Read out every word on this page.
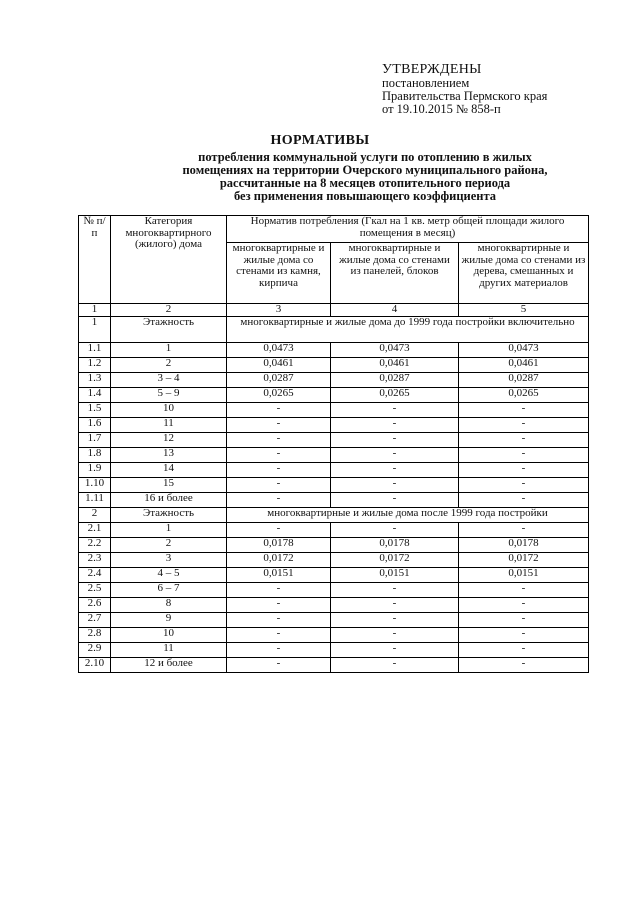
УТВЕРЖДЕНЫ
постановлением
Правительства Пермского края
от 19.10.2015 № 858-п
НОРМАТИВЫ
потребления коммунальной услуги по отоплению в жилых
помещениях на территории Очерского муниципального района,
рассчитанные на 8 месяцев отопительного периода
без применения повышающего коэффициента
№ п/п	Категория многоквартирного (жилого) дома	Норматив потребления (Гкал на 1 кв. метр общей площади жилого помещения в месяц)		
		многоквартирные и жилые дома со стенами из камня, кирпича	многоквартирные и жилые дома со стенами из панелей, блоков	многоквартирные и жилые дома со стенами из дерева, смешанных и других материалов
1	2	3	4	5
1	Этажность	многоквартирные и жилые дома до 1999 года постройки включительно		
1.1	1	0,0473	0,0473	0,0473
1.2	2	0,0461	0,0461	0,0461
1.3	3 – 4	0,0287	0,0287	0,0287
1.4	5 – 9	0,0265	0,0265	0,0265
1.5	10	-	-	-
1.6	11	-	-	-
1.7	12	-	-	-
1.8	13	-	-	-
1.9	14	-	-	-
1.10	15	-	-	-
1.11	16 и более	-	-	-
2	Этажность	многоквартирные и жилые дома после 1999 года постройки		
2.1	1	-	-	-
2.2	2	0,0178	0,0178	0,0178
2.3	3	0,0172	0,0172	0,0172
2.4	4 – 5	0,0151	0,0151	0,0151
2.5	6 – 7	-	-	-
2.6	8	-	-	-
2.7	9	-	-	-
2.8	10	-	-	-
2.9	11	-	-	-
2.10	12 и более	-	-	-
